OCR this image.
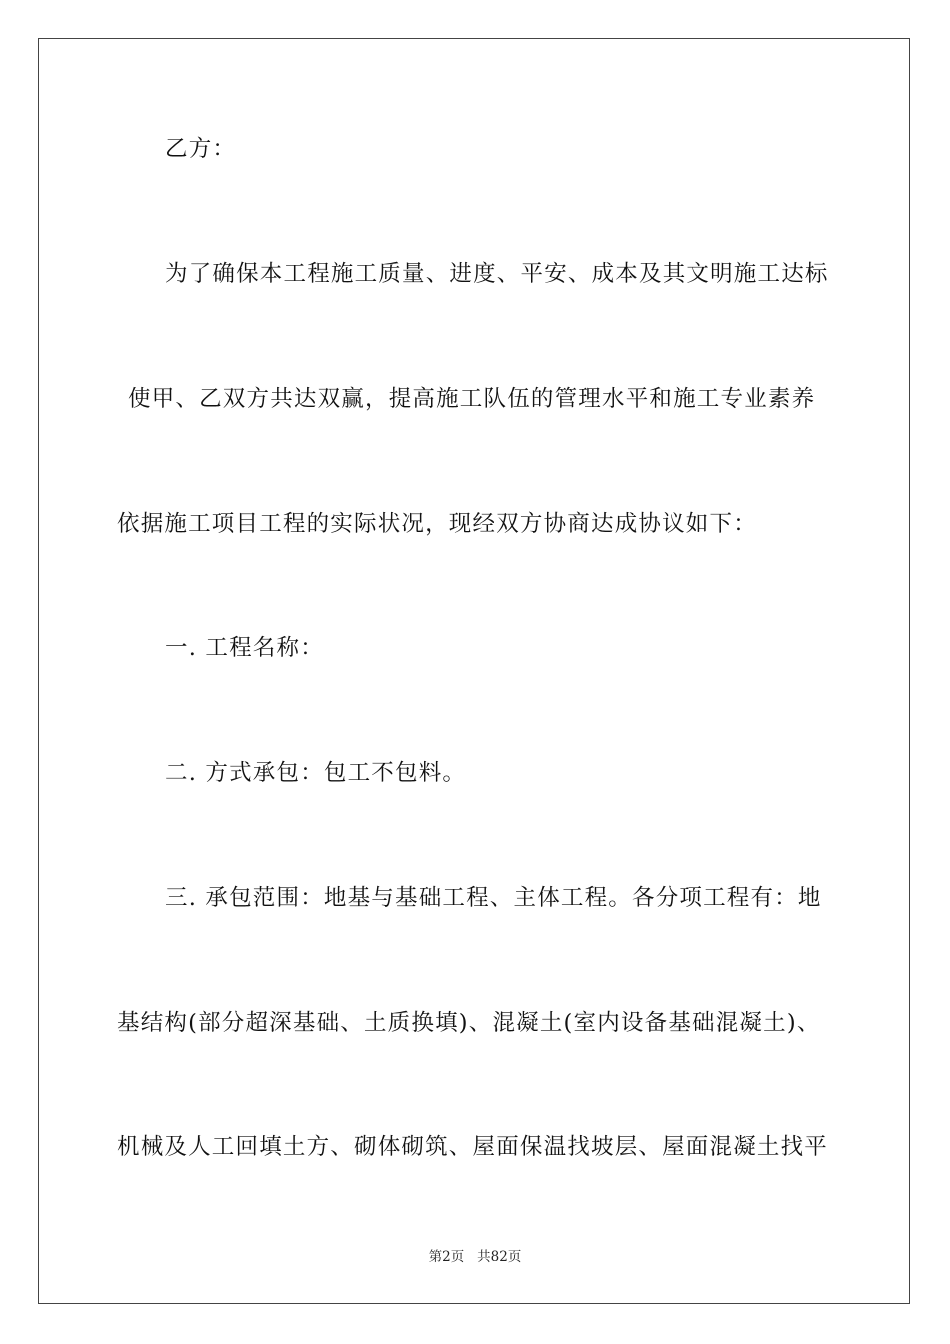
乙方：
为了确保本工程施工质量、进度、平安、成本及其文明施工达标
使甲、乙双方共达双赢，提高施工队伍的管理水平和施工专业素养
依据施工项目工程的实际状况，现经双方协商达成协议如下：
一. 工程名称：
二. 方式承包：包工不包料。
三. 承包范围：地基与基础工程、主体工程。各分项工程有：地
基结构(部分超深基础、土质换填)、混凝土(室内设备基础混凝土)、
机械及人工回填土方、砌体砌筑、屋面保温找坡层、屋面混凝土找平
第2页 共82页
